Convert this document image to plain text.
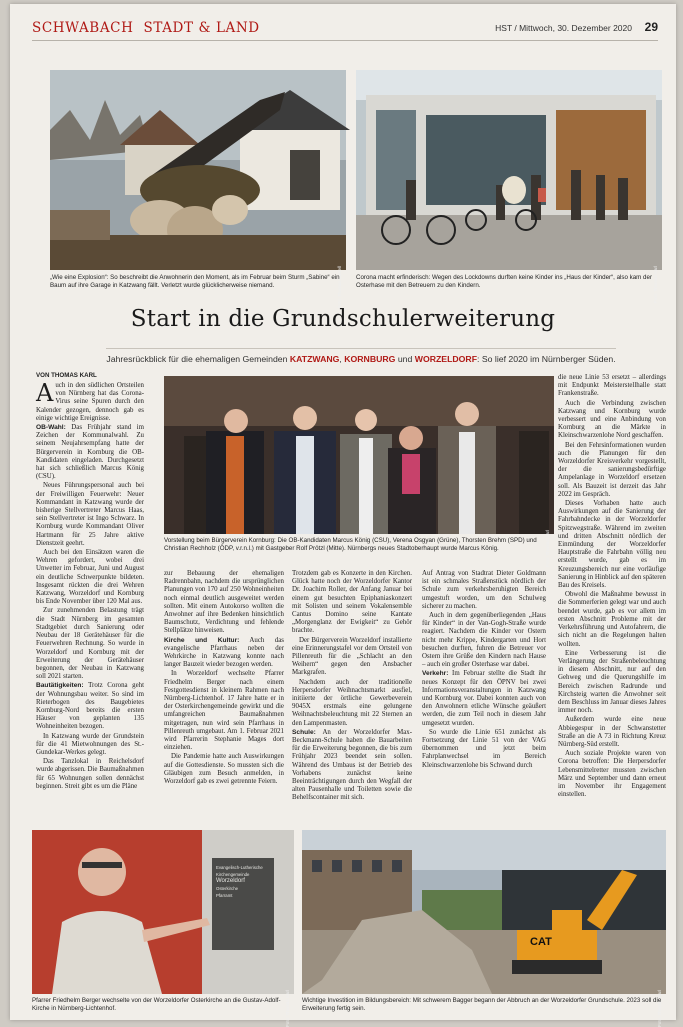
SCHWABACH STADT & LAND	HST / Mittwoch, 30. Dezember 2020 29
Foto: Thomas Correll
„Wie eine Explosion“: So beschreibt die Anwohnerin den Moment, als im Februar beim Sturm „Sabine“ ein Baum auf ihre Garage in Katzwang fällt. Verletzt wurde glücklicherweise niemand.	Foto: Thomas Karl
Corona macht erfinderisch: Wegen des Lockdowns durften keine Kinder ins „Haus der Kinder“, also kam der Osterhase mit den Betreuern zu den Kindern.
Start in die Grundschulerweiterung
Jahresrückblick für die ehemaligen Gemeinden KATZWANG, KORNBURG und WORZELDORF: So lief 2020 im Nürnberger Süden.
VON THOMAS KARL

Auch in den südlichen Ortsteilen von Nürnberg hat das Corona-Virus seine Spuren durch den Kalender gezogen, dennoch gab es einige wichtige Ereignisse.

OB-Wahl: Das Frühjahr stand im Zeichen der Kommunalwahl. Zu seinem Neujahrsempfang hatte der Bürgerverein in Kornburg die OB-Kandidaten eingeladen. Durchgesetzt hat sich schließlich Marcus König (CSU).

Neues Führungspersonal auch bei der Freiwilligen Feuerwehr: Neuer Kommandant in Katzwang wurde der bisherige Stellvertreter Marcus Haas, sein Stellvertreter ist Ingo Schwarz. In Kornburg wurde Kommandant Oliver Hartmann für 25 Jahre aktive Dienstzeit geehrt.

Auch bei den Einsätzen waren die Wehren gefordert, wobei drei Unwetter im Februar, Juni und August ein deutliche Schwerpunkte bildeten. Insgesamt rückten die drei Wehren Katzwang, Worzeldorf und Kornburg bis Ende November über 120 Mal aus.

Zur zunehmenden Belastung trägt die Stadt Nürnberg im gesamten Stadtgebiet durch Sanierung oder Neubau der 18 Gerätehäuser für die Feuerwehren Rechnung. So wurde in Worzeldorf und Kornburg mit der Erweiterung der Gerätehäuser begonnen, der Neubau in Katzwang soll 2021 starten.

Bautätigkeiten: Trotz Corona geht der Wohnungsbau weiter. So sind im Rieterbogen des Baugebietes Kornburg-Nord bereits die ersten Häuser von geplanten 135 Wohneinheiten bezogen.

In Katzwang wurde der Grundstein für die 41 Mietwohnungen des St.-Gundekar-Werkes gelegt.

Das Tanzlokal in Reichelsdorf wurde abgerissen. Die Baumaßnahmen für 65 Wohnungen sollen dennächst beginnen. Streit gibt es um die Pläne

Foto: Thomas Karl
Vorstellung beim Bürgerverein Kornburg: Die OB-Kandidaten Marcus König (CSU), Verena Osgyan (Grüne), Thorsten Brehm (SPD) und Christian Rechholz (ÖDP, v.r.n.l.) mit Gastgeber Rolf Prötzl (Mitte). Nürnbergs neues Stadtoberhaupt wurde Marcus König.

zur Bebauung der ehemaligen Radrennbahn, nachdem die ursprünglichen Planungen von 170 auf 250 Wohneinheiten noch einmal deutlich ausgeweitet werden sollten. Mit einem Autokorso wollten die Anwohner auf ihre Bedenken hinsichtlich Baumschutz, Verdichtung und fehlende Stellplätze hinweisen.

Kirche und Kultur: Auch das evangelische Pfarrhaus neben der Wehrkirche in Katzwang konnte nach langer Bauzeit wieder bezogen werden.

In Worzeldorf wechselte Pfarrer Friedhelm Berger nach einem Festgottesdienst in kleinem Rahmen nach Nürnberg-Lichtenhof. 17 Jahre hatte er in der Osterkirchengemeinde gewirkt und die umfangreichen Baumaßnahmen mitgetragen, nun wird sein Pfarrhaus in Pillenreuth umgebaut. Am 1. Februar 2021 wird Pfarrerin Stephanie Mages dort einziehen.

Die Pandemie hatte auch Auswirkungen auf die Gottesdienste. So mussten sich die Gläubigen zum Besuch anmelden, in Worzeldorf gab es zwei getrennte Feiern.

Trotzdem gab es Konzerte in den Kirchen. Glück hatte noch der Worzeldorfer Kantor Dr. Joachim Roller, der Anfang Januar bei einem gut besuchten Epiphaniaskonzert mit Solisten und seinem Vokalensemble Cantus Domino seine Kantate „Morgenglanz der Ewigkeit“ zu Gehör brachte.

Der Bürgerverein Worzeldorf installierte eine Erinnerungstafel vor dem Ortsteil von Pillenreuth für die „Schlacht an den Weihern“ gegen den Ansbacher Markgrafen.

Nachdem auch der traditionelle Herpersdorfer Weihnachtsmarkt ausfiel, initiierte der örtliche Gewerbeverein 9045X erstmals eine gelungene Weihnachtsbeleuchtung mit 22 Sternen an den Lampenmasten.

Schule: An der Worzeldorfer Max-Beckmann-Schule haben die Bauarbeiten für die Erweiterung begonnen, die bis zum Frühjahr 2023 beendet sein sollen. Während des Umbaus ist der Betrieb des Vorhabens zunächst keine Beeinträchtigungen durch den Wegfall der alten Pausenhalle und Toiletten sowie die Behelfscontainer mit sich.

Auf Antrag von Stadtrat Dieter Goldmann ist ein schmales Straßenstück nördlich der Schule zum verkehrsberuhigten Bereich umgestuft worden, um den Schulweg sicherer zu machen.

Auch in dem gegenüberliegenden „Haus für Kinder“ in der Van-Gogh-Straße wurde reagiert. Nachdem die Kinder vor Ostern nicht mehr Krippe, Kindergarten und Hort besuchen durften, fuhren die Betreuer vor Ostern ihre Grüße den Kindern nach Hause – auch ein großer Osterhase war dabei.

Verkehr: Im Februar stellte die Stadt ihr neues Konzept für den ÖPNV bei zwei Informationsveranstaltungen in Katzwang und Kornburg vor. Dabei konnten auch von den Anwohnern etliche Wünsche geäußert werden, die zum Teil noch in diesem Jahr umgesetzt wurden.

So wurde die Linie 651 zunächst als Fortsetzung der Linie 51 von der VAG übernommen und jetzt beim Fahrplanwechsel im Bereich Kleinschwarzenlohe bis Schwand durch

die neue Linie 53 ersetzt – allerdings mit Endpunkt Meisterstellhalle statt Frankenstraße.

Auch die Verbindung zwischen Katzwang und Kornburg wurde verbessert und eine Anbindung von Kornburg an die Märkte in Kleinschwarzenlohe Nord geschaffen.

Bei den Fehrsinformationen wurden auch die Planungen für den Worzeldorfer Kreisverkehr vorgestellt, der die sanierungsbedürftige Ampelanlage in Worzeldorf ersetzen soll. Als Bauzeit ist derzeit das Jahr 2022 im Gespräch.

Dieses Vorhaben hatte auch Auswirkungen auf die Sanierung der Fahrbahndecke in der Worzeldorfer Spitzwegstraße. Während im zweiten und dritten Abschnitt nördlich der Einmündung der Worzeldorfer Hauptstraße die Fahrbahn völlig neu erstellt wurde, gab es im Kreuzungsbereich nur eine vorläufige Sanierung in Hinblick auf den späteren Bau des Kreisels.

Obwohl die Maßnahme bewusst in die Sommerferien gelegt war und auch beendet wurde, gab es vor allem im ersten Abschnitt Probleme mit der Verkehrsführung und Autofahrern, die sich nicht an die Regelungen halten wollten.

Eine Verbesserung ist die Verlängerung der Straßenbeleuchtung in diesem Abschnitt, nur auf den Gehweg und die Querungshilfe im Bereich zwischen Radrunde und Kirchsteig warten die Anwohner seit dem Beschluss im Januar dieses Jahres immer noch.

Außerdem wurde eine neue Abbiegespur in der Schwanstetter Straße an die A 73 in Richtung Kreuz Nürnberg-Süd erstellt.

Auch soziale Projekte waren von Corona betroffen: Die Herpersdorfer Lebensmittelretter mussten zwischen März und September und dann erneut im November ihr Engagement einstellen.

Evangelisch-Lutherische
Kirchengemeinde
Worzeldorf
Osterkirche
Pfarramt
Foto: Thomas Karl
Pfarrer Friedhelm Berger wechselte von der Worzeldorfer Osterkirche an die Gustav-Adolf-Kirche in Nürnberg-Lichtenhof.
CAT
Foto: Thomas Karl
Wichtige Investition im Bildungsbereich: Mit schwerem Bagger begann der Abbruch an der Worzeldorfer Grundschule. 2023 soll die Erweiterung fertig sein.
